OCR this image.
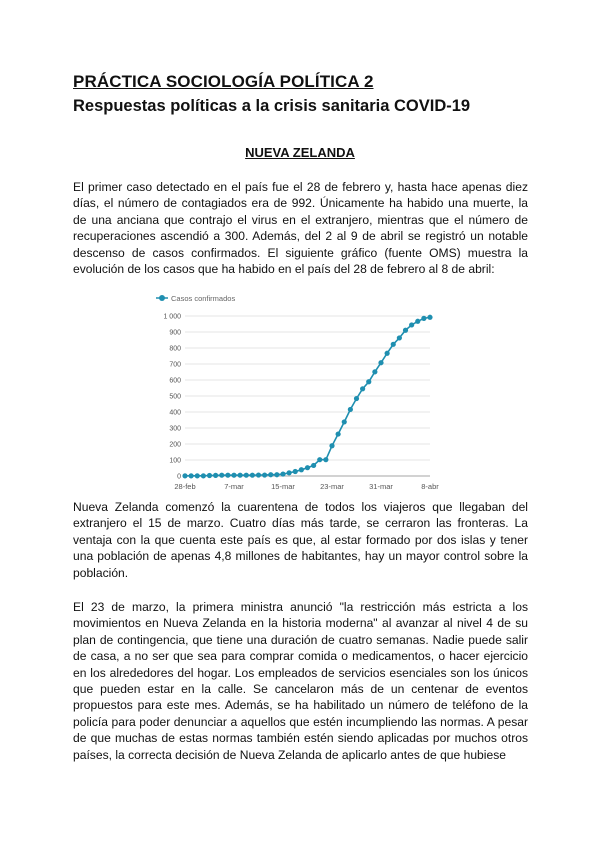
PRÁCTICA SOCIOLOGÍA POLÍTICA 2
Respuestas políticas a la crisis sanitaria COVID-19
NUEVA ZELANDA
El primer caso detectado en el país fue el 28 de febrero y, hasta hace apenas diez días, el número de contagiados era de 992. Únicamente ha habido una muerte, la de una anciana que contrajo el virus en el extranjero, mientras que el número de recuperaciones ascendió a 300. Además, del 2 al 9 de abril se registró un notable descenso de casos confirmados. El siguiente gráfico (fuente OMS) muestra la evolución de los casos que ha habido en el país del 28 de febrero al 8 de abril:
Casos confirmados
0
100
200
300
400
500
600
700
800
900
1 000
28-feb	7-mar	15-mar	23-mar	31-mar	8-abr
Nueva Zelanda comenzó la cuarentena de todos los viajeros que llegaban del extranjero el 15 de marzo. Cuatro días más tarde, se cerraron las fronteras. La ventaja con la que cuenta este país es que, al estar formado por dos islas y tener una población de apenas 4,8 millones de habitantes, hay un mayor control sobre la población.
El 23 de marzo, la primera ministra anunció "la restricción más estricta a los movimientos en Nueva Zelanda en la historia moderna" al avanzar al nivel 4 de su plan de contingencia, que tiene una duración de cuatro semanas. Nadie puede salir de casa, a no ser que sea para comprar comida o medicamentos, o hacer ejercicio en los alrededores del hogar. Los empleados de servicios esenciales son los únicos que pueden estar en la calle. Se cancelaron más de un centenar de eventos propuestos para este mes. Además, se ha habilitado un número de teléfono de la policía para poder denunciar a aquellos que estén incumpliendo las normas. A pesar de que muchas de estas normas también estén siendo aplicadas por muchos otros países, la correcta decisión de Nueva Zelanda de aplicarlo antes de que hubiese
